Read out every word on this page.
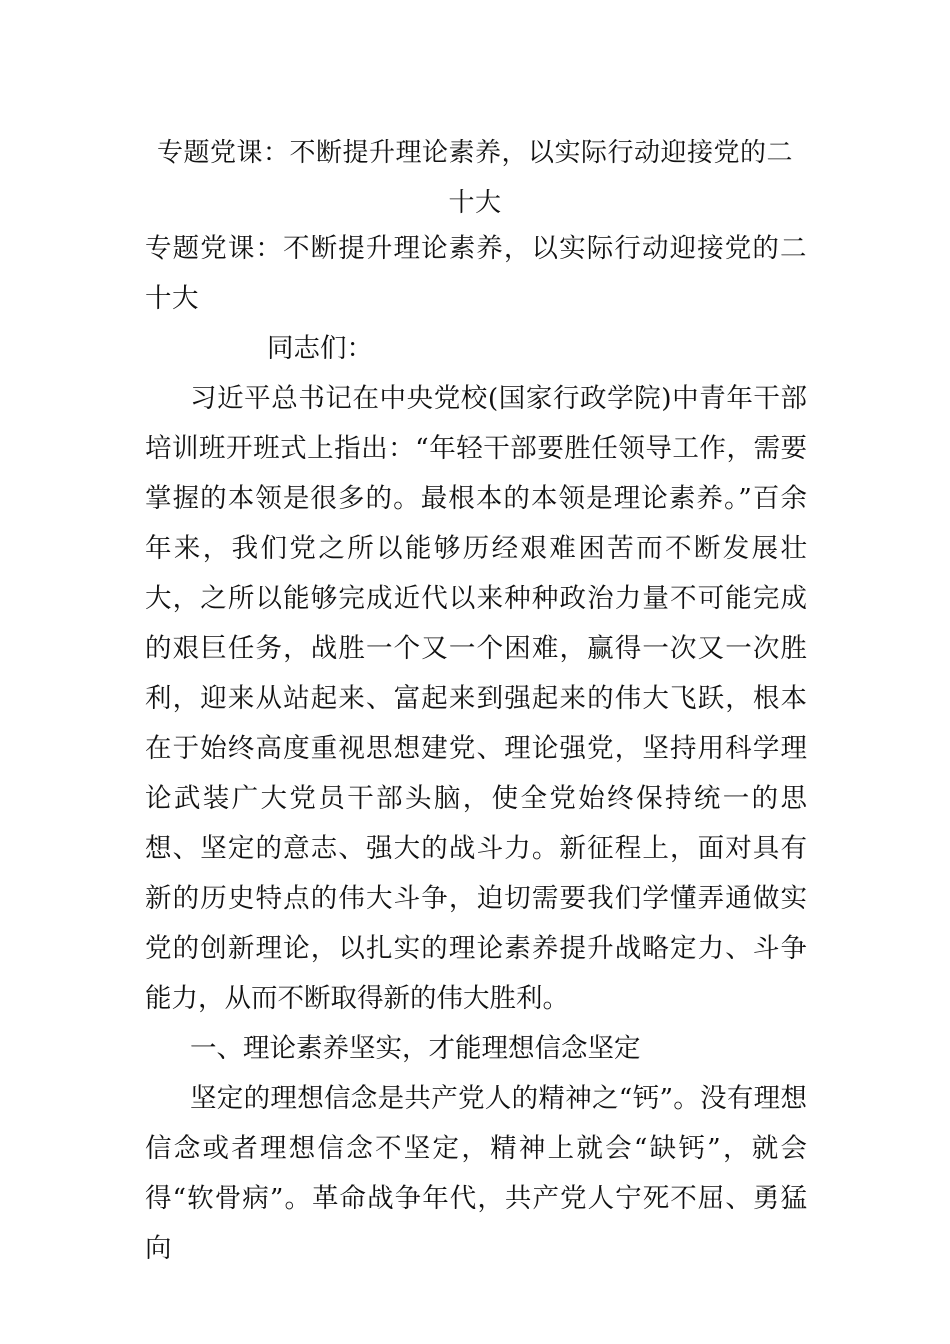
专题党课：不断提升理论素养，以实际行动迎接党的二十大

专题党课：不断提升理论素养，以实际行动迎接党的二十大

同志们：

习近平总书记在中央党校(国家行政学院)中青年干部培训班开班式上指出：“年轻干部要胜任领导工作，需要掌握的本领是很多的。最根本的本领是理论素养。”百余年来，我们党之所以能够历经艰难困苦而不断发展壮大，之所以能够完成近代以来种种政治力量不可能完成的艰巨任务，战胜一个又一个困难，赢得一次又一次胜利，迎来从站起来、富起来到强起来的伟大飞跃，根本在于始终高度重视思想建党、理论强党，坚持用科学理论武装广大党员干部头脑，使全党始终保持统一的思想、坚定的意志、强大的战斗力。新征程上，面对具有新的历史特点的伟大斗争，迫切需要我们学懂弄通做实党的创新理论，以扎实的理论素养提升战略定力、斗争能力，从而不断取得新的伟大胜利。

一、理论素养坚实，才能理想信念坚定

坚定的理想信念是共产党人的精神之“钙”。没有理想信念或者理想信念不坚定，精神上就会“缺钙”，就会得“软骨病”。革命战争年代，共产党人宁死不屈、勇猛向
